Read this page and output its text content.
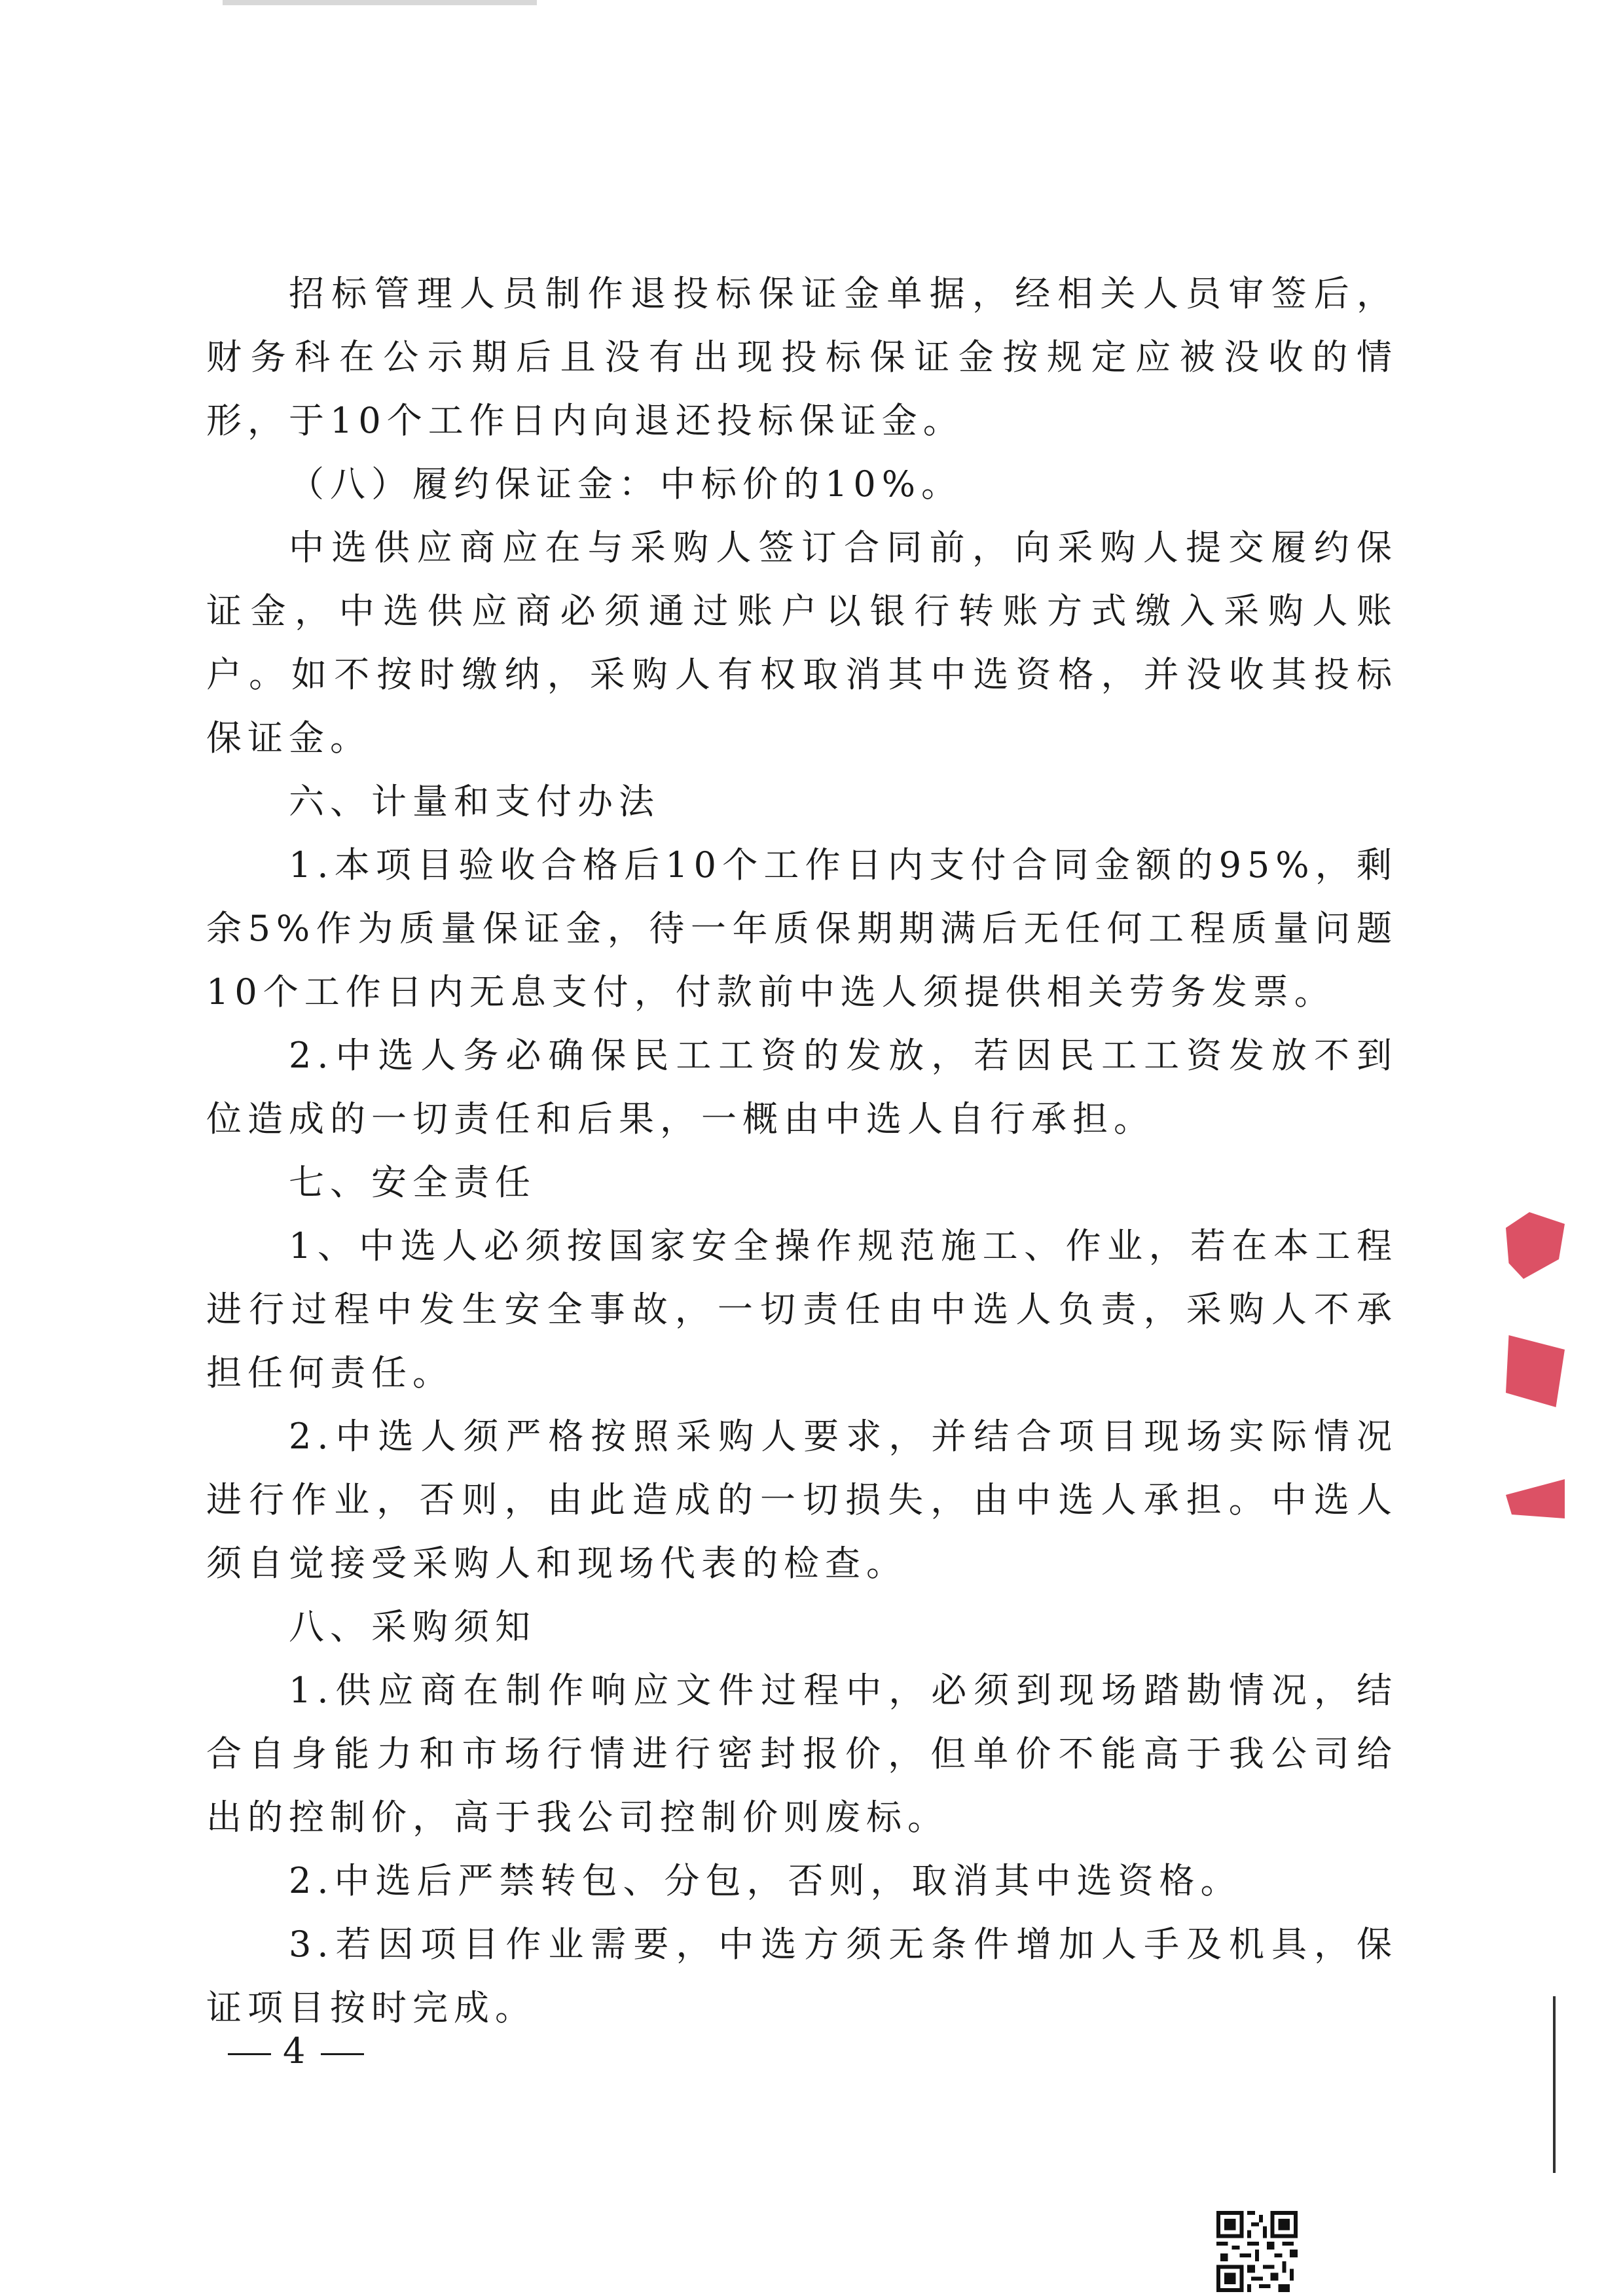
招标管理人员制作退投标保证金单据，经相关人员审签后，财务科在公示期后且没有出现投标保证金按规定应被没收的情形，于10个工作日内向退还投标保证金。

（八）履约保证金：中标价的10%。

中选供应商应在与采购人签订合同前，向采购人提交履约保证金，中选供应商必须通过账户以银行转账方式缴入采购人账户。如不按时缴纳，采购人有权取消其中选资格，并没收其投标保证金。

六、计量和支付办法

1.本项目验收合格后10个工作日内支付合同金额的95%，剩余5%作为质量保证金，待一年质保期期满后无任何工程质量问题10个工作日内无息支付，付款前中选人须提供相关劳务发票。

2.中选人务必确保民工工资的发放，若因民工工资发放不到位造成的一切责任和后果，一概由中选人自行承担。

七、安全责任

1、中选人必须按国家安全操作规范施工、作业，若在本工程进行过程中发生安全事故，一切责任由中选人负责，采购人不承担任何责任。

2.中选人须严格按照采购人要求，并结合项目现场实际情况进行作业，否则，由此造成的一切损失，由中选人承担。中选人须自觉接受采购人和现场代表的检查。

八、采购须知

1.供应商在制作响应文件过程中，必须到现场踏勘情况，结合自身能力和市场行情进行密封报价，但单价不能高于我公司给出的控制价，高于我公司控制价则废标。

2.中选后严禁转包、分包，否则，取消其中选资格。

3.若因项目作业需要，中选方须无条件增加人手及机具，保证项目按时完成。

4
